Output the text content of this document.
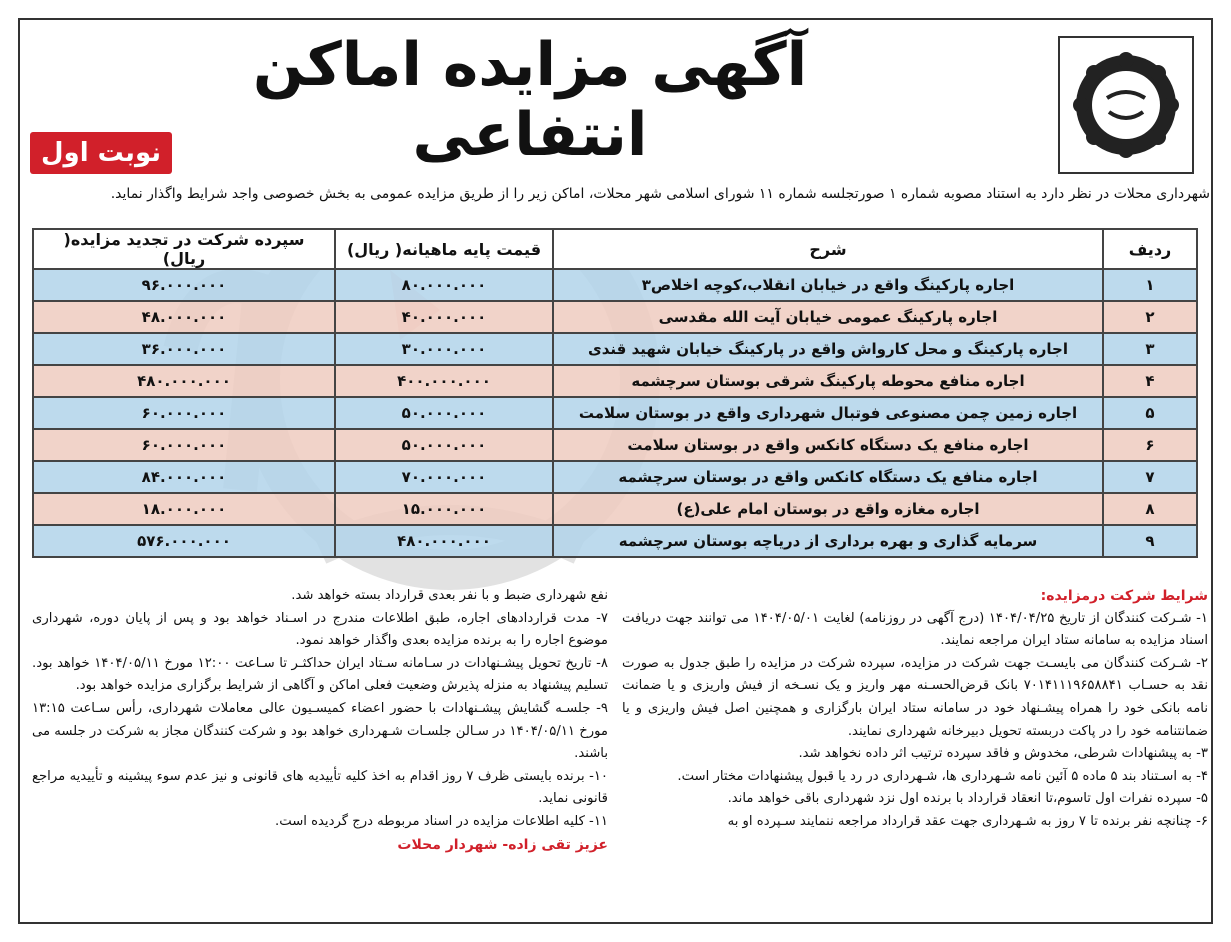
آگهی مزایده اماکن انتفاعی
نوبت اول
شهرداری محلات در نظر دارد به استناد مصوبه شماره ۱ صورتجلسه شماره ۱۱ شورای اسلامی شهر محلات، اماکن زیر را از طریق مزایده عمومی به بخش خصوصی واجد شرایط واگذار نماید.
ردیف	شرح	قیمت پایه ماهیانه( ریال)	سپرده شرکت در تجدید مزایده( ریال)
۱	اجاره پارکینگ واقع در خیابان انقلاب،کوچه اخلاص۳	۸۰.۰۰۰.۰۰۰	۹۶.۰۰۰.۰۰۰
۲	اجاره پارکینگ عمومی خیابان آیت الله مقدسی	۴۰.۰۰۰.۰۰۰	۴۸.۰۰۰.۰۰۰
۳	اجاره پارکینگ و محل کارواش واقع در پارکینگ خیابان شهید قندی	۳۰.۰۰۰.۰۰۰	۳۶.۰۰۰.۰۰۰
۴	اجاره منافع محوطه پارکینگ شرقی بوستان سرچشمه	۴۰۰.۰۰۰.۰۰۰	۴۸۰.۰۰۰.۰۰۰
۵	اجاره زمین چمن مصنوعی فوتبال شهرداری واقع در بوستان سلامت	۵۰.۰۰۰.۰۰۰	۶۰.۰۰۰.۰۰۰
۶	اجاره منافع یک دستگاه کانکس واقع در بوستان سلامت	۵۰.۰۰۰.۰۰۰	۶۰.۰۰۰.۰۰۰
۷	اجاره منافع یک دستگاه کانکس واقع در بوستان سرچشمه	۷۰.۰۰۰.۰۰۰	۸۴.۰۰۰.۰۰۰
۸	اجاره مغازه واقع در بوستان امام علی(ع)	۱۵.۰۰۰.۰۰۰	۱۸.۰۰۰.۰۰۰
۹	سرمایه گذاری و بهره برداری از دریاچه بوستان سرچشمه	۴۸۰.۰۰۰.۰۰۰	۵۷۶.۰۰۰.۰۰۰

شرایط شرکت درمزایده:

۱- شـرکت کنندگان از تاریخ ۱۴۰۴/۰۴/۲۵ (درج آگهی در روزنامه) لغایت ۱۴۰۴/۰۵/۰۱ می توانند جهت دریافت اسناد مزایده به سامانه ستاد ایران مراجعه نمایند.

۲- شـرکت کنندگان می بایسـت جهت شرکت در مزایده، سپرده شرکت در مزایده را طبق جدول به صورت نقد به حسـاب ۷۰۱۴۱۱۱۹۶۵۸۸۴۱ بانک قرض‌الحسـنه مهر واریز و یک نسـخه از فیش واریزی و یا ضمانت نامه بانکی خود را همراه پیشـنهاد خود در سامانه ستاد ایران بارگزاری و همچنین اصل فیش واریزی و یا ضمانتنامه خود را در پاکت دربسته تحویل دبیرخانه شهرداری نمایند.

۳- به پیشنهادات شرطی، مخدوش و فاقد سپرده ترتیب اثر داده نخواهد شد.

۴- به اسـتناد بند ۵ ماده ۵ آئین نامه شـهرداری ها، شـهرداری در رد یا قبول پیشنهادات مختار است.

۵- سپرده نفرات اول تاسوم،تا انعقاد قرارداد با برنده اول نزد شهرداری باقی خواهد ماند.

۶- چنانچه نفر برنده تا ۷ روز به شـهرداری جهت عقد قرارداد مراجعه ننمایند سـپرده او به

نفع شهرداری ضبط و با نفر بعدی قرارداد بسته خواهد شد.

۷- مدت قراردادهای اجاره، طبق اطلاعات مندرج در اسـناد خواهد بود و پس از پایان دوره، شهرداری موضوع اجاره را به برنده مزایده بعدی واگذار خواهد نمود.

۸- تاریخ تحویل پیشـنهادات در سـامانه سـتاد ایران حداکثـر تا سـاعت ۱۲:۰۰ مورخ ۱۴۰۴/۰۵/۱۱ خواهد بود. تسلیم پیشنهاد به منزله پذیرش وضعیت فعلی اماکن و آگاهی از شرایط برگزاری مزایده خواهد بود.

۹- جلسـه گشایش پیشـنهادات با حضور اعضاء کمیسـیون عالی معاملات شهرداری، رأس سـاعت ۱۳:۱۵ مورخ ۱۴۰۴/۰۵/۱۱ در سـالن جلسـات شـهرداری خواهد بود و شرکت کنندگان مجاز به شرکت در جلسه می باشند.

۱۰- برنده بایستی ظرف ۷ روز اقدام به اخذ کلیه تأییدیه های قانونی و نیز عدم سوء پیشینه و تأییدیه مراجع قانونی نماید.

۱۱- کلیه اطلاعات مزایده در اسناد مربوطه درج گردیده است.

عزیز تقی زاده- شهردار محلات
